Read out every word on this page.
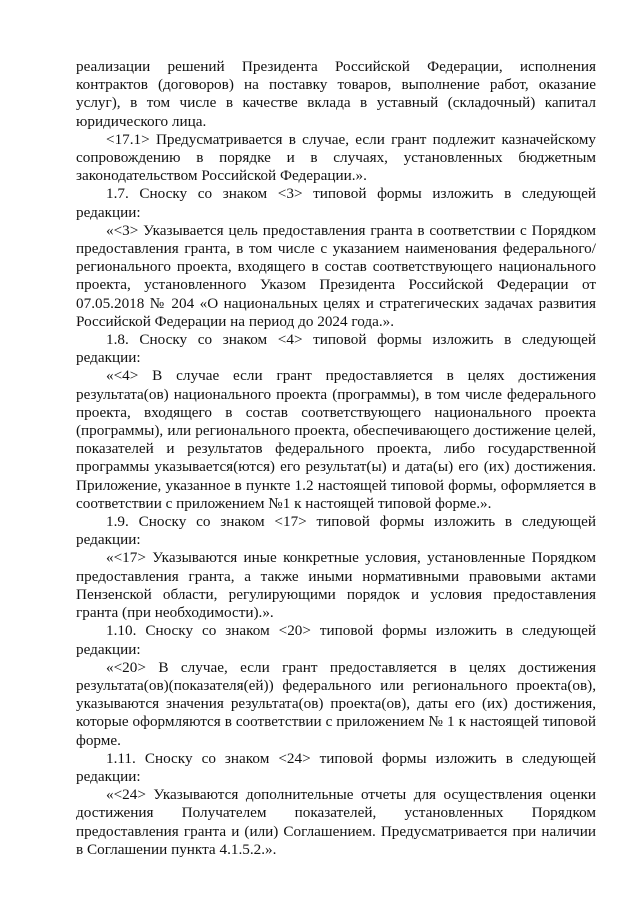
реализации решений Президента Российской Федерации, исполнения контрактов (договоров) на поставку товаров, выполнение работ, оказание услуг), в том числе в качестве вклада в уставный (складочный) капитал юридического лица.

<17.1> Предусматривается в случае, если грант подлежит казначейскому сопровождению в порядке и в случаях, установленных бюджетным законодательством Российской Федерации.».

1.7. Сноску со знаком <3> типовой формы изложить в следующей редакции:

«<3> Указывается цель предоставления гранта в соответствии с Порядком предоставления гранта, в том числе с указанием наименования федерального/ регионального проекта, входящего в состав соответствующего национального проекта, установленного Указом Президента Российской Федерации от 07.05.2018 № 204 «О национальных целях и стратегических задачах развития Российской Федерации на период до 2024 года.».

1.8. Сноску со знаком <4> типовой формы изложить в следующей редакции:

«<4> В случае если грант предоставляется в целях достижения результата(ов) национального проекта (программы), в том числе федерального проекта, входящего в состав соответствующего национального проекта (программы), или регионального проекта, обеспечивающего достижение целей, показателей и результатов федерального проекта, либо государственной программы указывается(ются) его результат(ы) и дата(ы) его (их) достижения. Приложение, указанное в пункте 1.2 настоящей типовой формы, оформляется в соответствии с приложением №1 к настоящей типовой форме.».

1.9. Сноску со знаком <17> типовой формы изложить в следующей редакции:

«<17> Указываются иные конкретные условия, установленные Порядком предоставления гранта, а также иными нормативными правовыми актами Пензенской области, регулирующими порядок и условия предоставления гранта (при необходимости).».

1.10. Сноску со знаком <20> типовой формы изложить в следующей редакции:

«<20> В случае, если грант предоставляется в целях достижения результата(ов)(показателя(ей)) федерального или регионального проекта(ов), указываются значения результата(ов) проекта(ов), даты его (их) достижения, которые оформляются в соответствии с приложением № 1 к настоящей типовой форме.

1.11. Сноску со знаком <24> типовой формы изложить в следующей редакции:

«<24> Указываются дополнительные отчеты для осуществления оценки достижения Получателем показателей, установленных Порядком предоставления гранта и (или) Соглашением. Предусматривается при наличии в Соглашении пункта 4.1.5.2.».
